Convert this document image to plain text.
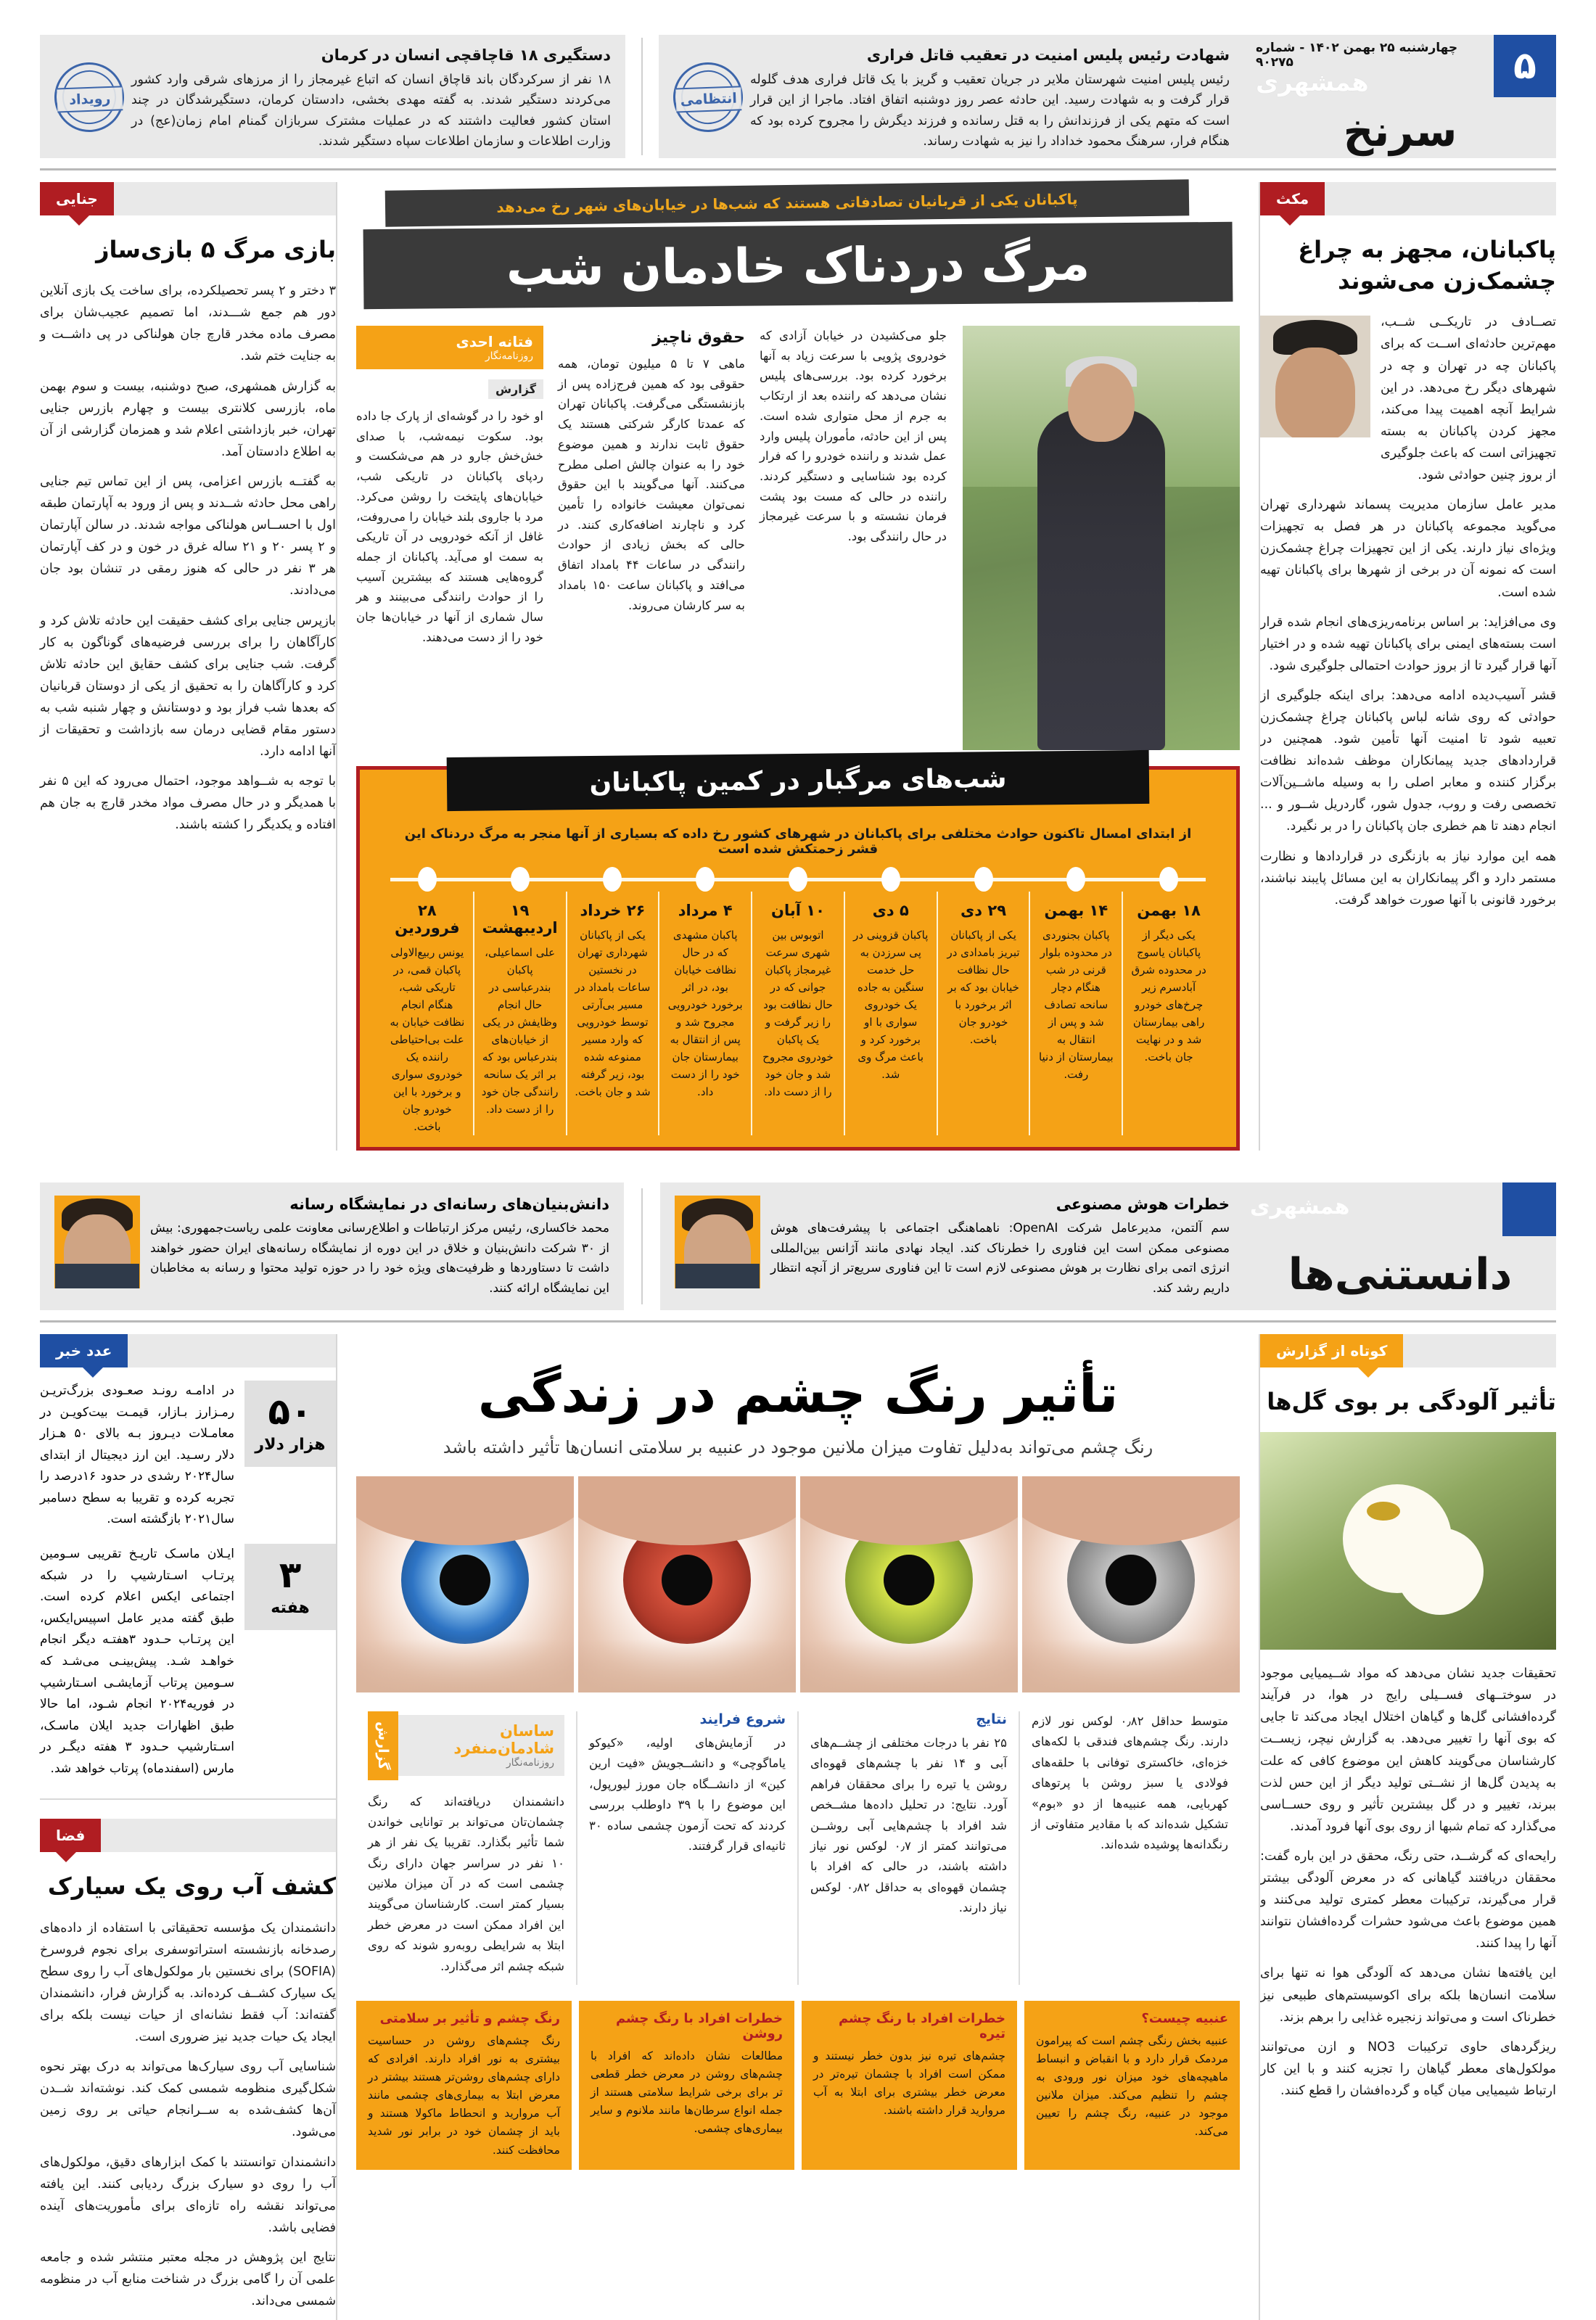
۵
چهارشنبه ۲۵ بهمن ۱۴۰۲ - شماره ۹۰۲۷۵
همشهری
سرنخ
شهادت رئیس پلیس امنیت در تعقیب قاتل فراری
رئیس پلیس امنیت شهرستان ملایر در جریان تعقیب و گریز با یک قاتل فراری هدف گلوله قرار گرفت و به شهادت رسید. این حادثه عصر روز دوشنبه اتفاق افتاد. ماجرا از این قرار است که متهم یکی از فرزندانش را به قتل رسانده و فرزند دیگرش را مجروح کرده بود که هنگام فرار، سرهنگ محمود خداداد را نیز به شهادت رساند.
انتظامی
دستگیری ۱۸ قاچاقچی انسان در کرمان
۱۸ نفر از سرکردگان باند قاچاق انسان که اتباع غیرمجاز را از مرزهای شرقی وارد کشور می‌کردند دستگیر شدند. به گفته مهدی بخشی، دادستان کرمان، دستگیرشدگان در چند استان کشور فعالیت داشتند که در عملیات مشترک سربازان گمنام امام زمان(عج) در وزارت اطلاعات و سازمان اطلاعات سپاه دستگیر شدند.
رویداد
مکث
پاکبانان، مجهز به چراغ چشمک‌زن می‌شوند

تصــادف در تاریکــی شــب، مهم‌ترین حادثه‌ای اســت که برای پاکبانان چه در تهران و چه در شهرهای دیگر رخ می‌دهد. در این شرایط آنچه اهمیت پیدا می‌کند، مجهز کردن پاکبانان به بسته تجهیزاتی است که باعث جلوگیری از بروز چنین حوادثی شود.

مدیر عامل سازمان مدیریت پسماند شهرداری تهران می‌گوید مجموعه پاکبانان در هر فصل به تجهیزات ویژه‌ای نیاز دارند. یکی از این تجهیزات چراغ چشمک‌زن است که نمونه آن در برخی از شهرها برای پاکبانان تهیه شده است.

وی می‌افزاید: بر اساس برنامه‌ریزی‌های انجام شده قرار است بسته‌های ایمنی برای پاکبانان تهیه شده و در اختیار آنها قرار گیرد تا از بروز حوادث احتمالی جلوگیری شود.

قشر آسیب‌دیده ادامه می‌دهد: برای اینکه جلوگیری از حوادثی که روی شانه لباس پاکبانان چراغ چشمک‌زن تعبیه شود تا امنیت آنها تأمین شود. همچنین در قراردادهای جدید پیمانکاران موظف شده‌اند نظافت برگزار کننده و معابر اصلی را به وسیله ماشــین‌آلات تخصصی رفت و روب، جدول شور، گاردریل شــور و ... انجام دهند تا هم خطری جان پاکبانان را در بر نگیرد.

همه این موارد نیاز به بازنگری در قراردادها و نظارت مستمر دارد و اگر پیمانکاران به این مسائل پایبند نباشند، برخورد قانونی با آنها صورت خواهد گرفت.

پاکبانان یکی از قربانیان تصادفاتی هستند که شب‌ها در خیابان‌های شهر رخ می‌دهد
مرگ دردناک خادمان شب

جلو می‌کشیدن در خیابان آزادی که خودروی پژویی با سرعت زیاد به آنها برخورد کرده بود. بررسی‌های پلیس نشان می‌دهد که راننده بعد از ارتکاب به جرم از محل متواری شده است. پس از این حادثه، مأموران پلیس وارد عمل شدند و راننده خودرو را که فرار کرده بود شناسایی و دستگیر کردند. راننده در حالی که مست بود پشت فرمان نشسته و با سرعت غیرمجاز در حال رانندگی بود.

حقوق ناچیز

ماهی ۷ تا ۵ میلیون تومان، همه حقوقی بود که همین فرج‌زاده پس از بازنشستگی می‌گرفت. پاکبانان تهران که عمدتا کارگر شرکتی هستند یک حقوق ثابت ندارند و همین موضوع خود را به عنوان چالش اصلی مطرح می‌کنند. آنها می‌گویند با این حقوق نمی‌توان معیشت خانواده را تأمین کرد و ناچارند اضافه‌کاری کنند. در حالی که بخش زیادی از حوادث رانندگی در ساعات ۴۴ بامداد اتفاق می‌افتد و پاکبانان ساعت ۱۵۰ بامداد به سر کارشان می‌روند.

فتانه احدی
روزنامه‌نگار
گزارش

او خود را در گوشه‌ای از پارک جا داده بود. سکوت نیمه‌شب، با صدای خش‌خش جارو در هم می‌شکست و ردپای پاکبانان در تاریکی شب، خیابان‌های پایتخت را روشن می‌کرد. مرد با جاروی بلند خیابان را می‌روفت، غافل از آنکه خودرویی در آن تاریکی به سمت او می‌آید. پاکبانان از جمله گروه‌هایی هستند که بیشترین آسیب را از حوادث رانندگی می‌بینند و هر سال شماری از آنها در خیابان‌ها جان خود را از دست می‌دهند.

شب‌های مرگبار در کمین پاکبانان
از ابتدای امسال تاکنون حوادث مختلفی برای پاکبانان در شهرهای کشور رخ داده که بسیاری از آنها منجر به مرگ دردناک این قشر زحمتکش شده است
۱۸ بهمن
یکی دیگر از پاکبانان یاسوج در محدوده شرق آبادسرم زیر چرخ‌های خودرو راهی بیمارستان شد و در نهایت جان باخت.
۱۴ بهمن
پاکبان بجنوردی در محدوده بلوار قرنی در شب هنگام دچار سانحه تصادف شد و پس از انتقال به بیمارستان از دنیا رفت.
۲۹ دی
یکی از پاکبانان تبریز بامدادی در حال نظافت خیابان بود که بر اثر برخورد با خودرو جان باخت.
۵ دی
پاکبان قزوینی در پی سرزدن به حل خدمت سنگین به جاده یک خودروی سواری با او برخورد کرد و باعث مرگ وی شد.
۱۰ آبان
اتوبوس بین شهری سرعت غیرمجاز پاکبان جوانی که در حال نظافت بود را زیر گرفت و یک پاکبان خودروی مجروح شد و جان خود را از دست داد.
۴ مرداد
پاکبان مشهدی که در حال نظافت خیابان بود، در اثر برخورد خودرویی مجروح شد و پس از انتقال به بیمارستان جان خود را از دست داد.
۲۶ خرداد
یکی از پاکبانان شهرداری تهران در نخستین ساعات بامداد در مسیر بی‌آرتی توسط خودرویی که وارد مسیر ممنوعه شده بود، زیر گرفته شد و جان باخت.
۱۹ اردیبهشت
علی اسماعیلی، پاکبان بندرعباسی در حال انجام وظایفش در یکی از خیابان‌های بندرعباس بود که بر اثر یک سانحه رانندگی جان خود را از دست داد.
۲۸ فروردین
یونس ربیع‌الاولی پاکبان قمی، در تاریکی شب، هنگام انجام نظافت خیابان به علت بی‌احتیاطی راننده یک خودروی سواری و برخورد با این خودرو جان باخت.
جنایی
بازی مرگ ۵ بازی‌ساز

۳ دختر و ۲ پسر تحصیلکرده، برای ساخت یک بازی آنلاین دور هم جمع شـــدند، اما تصمیم عجیب‌شان برای مصرف ماده مخدر قارچ جان هولناکی در پی داشــت و به جنایت ختم شد.

به گزارش همشهری، صبح دوشنبه، بیست و سوم بهمن ماه، بازرسی کلانتری بیست و چهارم بازرس جنایی تهران، خبر بازداشتی اعلام شد و همزمان گزارشی از آن به اطلاع دادستان آمد.

به گفتــه بازرس اعزامی، پس از این تماس تیم جنایی راهی محل حادثه شــدند و پس از ورود به آپارتمان طبقه اول با احســاس هولناکی مواجه شدند. در سالن آپارتمان و ۲ پسر ۲۰ و ۲۱ ساله غرق در خون و در کف آپارتمان هر ۳ نفر در حالی که هنوز رمقی در تنشان بود جان می‌دادند.

بازپرس جنایی برای کشف حقیقت این حادثه تلاش کرد و کارآگاهان را برای بررسی فرضیه‌های گوناگون به کار گرفت. شب جنایی برای کشف حقایق این حادثه تلاش کرد و کارآگاهان را به تحقیق از یکی از دوستان قربانیان که بعدها شب فراز بود و دوستانش و چهار شنبه شب به دستور مقام قضایی درمان سه بازداشت و تحقیقات از آنها ادامه دارد.

با توجه به شــواهد موجود، احتمال می‌رود که این ۵ نفر با همدیگر و در حال مصرف مواد مخدر قارچ به جان هم افتاده و یکدیگر را کشته باشند.

همشهری
دانستنی‌ها
خطرات هوش مصنوعی
سم آلتمن، مدیرعامل شرکت OpenAI: ناهماهنگی اجتماعی با پیشرفت‌های هوش مصنوعی ممکن است این فناوری را خطرناک کند. ایجاد نهادی مانند آژانس بین‌المللی انرژی اتمی برای نظارت بر هوش مصنوعی لازم است تا این فناوری سریع‌تر از آنچه انتظار داریم رشد کند.
دانش‌بنیان‌های رسانه‌ای در نمایشگاه رسانه
محمد خاکساری، رئیس مرکز ارتباطات و اطلاع‌رسانی معاونت علمی ریاست‌جمهوری: بیش از ۳۰ شرکت دانش‌بنیان و خلاق در این دوره از نمایشگاه رسانه‌های ایران حضور خواهند داشت تا دستاوردها و ظرفیت‌های ویژه خود را در حوزه تولید محتوا و رسانه به مخاطبان این نمایشگاه ارائه کنند.
کوتاه از گزارش
تأثیر آلودگی بر بوی گل‌ها

تحقیقات جدید نشان می‌دهد که مواد شــیمیایی موجود در سوختــهای فســیلی رایج در هوا، در فرآیند گرده‌افشانی گل‌ها و گیاهان اختلال ایجاد می‌کند تا جایی که بوی آنها را تغییر می‌دهد. به گزارش نیچر، زیســت کارشناسان می‌گویند کاهش این موضوع کافی که علت به پدیدن گل‌ها از نشــتی تولید دیگر از این حس لذت ببرند، تغییر و در گل بیشترین تأثیر و روی حســاسی می‌گذارد که تمام شبها از روی بوی آنها فرود آمدند.

رایحه‌ای که گرشــد، حتی رنگ، محقق در این باره گفت: محققان دریافتند گیاهانی که در معرض آلودگی بیشتر قرار می‌گیرند، ترکیبات معطر کمتری تولید می‌کنند و همین موضوع باعث می‌شود حشرات گرده‌افشان نتوانند آنها را پیدا کنند.

این یافته‌ها نشان می‌دهد که آلودگی هوا نه تنها برای سلامت انسان‌ها بلکه برای اکوسیستم‌های طبیعی نیز خطرناک است و می‌تواند زنجیره غذایی را برهم بزند.

ریزگردهای حاوی ترکیبات NO3 و ازن می‌توانند مولکول‌های معطر گیاهان را تجزیه کنند و با این کار ارتباط شیمیایی میان گیاه و گرده‌افشان را قطع کنند.

تأثیر رنگ چشم در زندگی
رنگ چشم می‌تواند به‌دلیل تفاوت میزان ملانین موجود در عنبیه بر سلامتی انسان‌ها تأثیر داشته باشد

متوسط حداقل ۰٫۸۲ لوکس نور لازم دارند. رنگ چشم‌های فندقی با لکه‌های خزه‌ای، خاکستری توفانی با حلقه‌های فولادی یا سبز روشن با پرتوهای کهربایی، همه عنبیه‌ها از دو «بوم» تشکیل شده‌اند که با مقادیر متفاوتی از رنگدانه‌ها پوشیده شده‌اند.

نتایج

۲۵ نفر با درجات مختلفی از چشــم‌های آبی و ۱۴ نفر با چشم‌های قهوه‌ای روشن یا تیره را برای محققان فراهم آورد. نتایج: در تحلیل داده‌ها مشــخص شد افراد با چشم‌هایی آبی روشــن می‌توانند کمتر از ۰٫۷ لوکس نور نیاز داشته باشند، در حالی که افراد با چشمان قهوه‌ای به حداقل ۰٫۸۲ لوکس نیاز دارند.

شروع فرایند

در آزمایش‌های اولیه، «کیوکو یاماگوچی» و دانشــجویش «فیت ارین کین» از دانشــگاه جان مورز لیورپول، این موضوع را با ۳۹ داوطلب بررسی کردند که تحت آزمون چشمی ساده ۳۰ ثانیه‌ای قرار گرفتند.

ساسان شادمان‌منفرد
روزنامه‌نگار
گزارش

دانشمندان دریافته‌اند که رنگ چشمان‌تان می‌تواند بر توانایی خواندن شما تأثیر بگذارد. تقریبا یک نفر از هر ۱۰ نفر در سراسر جهان دارای رنگ چشمی است که در آن میزان ملانین بسیار کمتر است. کارشناسان می‌گویند این افراد ممکن است در معرض خطر ابتلا به شرایطی روبه‌رو شوند که روی شبکه چشم اثر می‌گذارد.

عنبیه چیست؟

عنبیه بخش رنگی چشم است که پیرامون مردمک قرار دارد و با انقباض و انبساط ماهیچه‌های خود میزان نور ورودی به چشم را تنظیم می‌کند. میزان ملانین موجود در عنبیه، رنگ چشم را تعیین می‌کند.

خطرات افراد با رنگ چشم تیره

چشم‌های تیره نیز بدون خطر نیستند و ممکن است افراد با چشمان تیره‌تر در معرض خطر بیشتری برای ابتلا به آب مروارید قرار داشته باشند.

خطرات افراد با رنگ چشم روشن

مطالعات نشان داده‌اند که افراد با چشم‌های روشن در معرض خطر قطعی تر برای برخی شرایط سلامتی هستند از جمله انواع سرطان‌ها مانند ملانوم و سایر بیماری‌های چشمی.

رنگ چشم و تأثیر بر سلامتی

رنگ چشم‌های روشن در حساسیت بیشتری به نور افراد دارند. افرادی که دارای چشم‌های روشن‌تر هستند بیشتر در معرض ابتلا به بیماری‌های چشمی مانند آب مروارید و انحطاط ماکولا هستند و باید از چشمان خود در برابر نور شدید محافظت کنند.

عدد خبر
۵۰
هزار دلار
در ادامـه رونـد صعـودی بزرگ‌تریـن رمـزارز بـازار، قیمـت بیت‌کویـن در معامـلات دیـروز بـه بالای ۵۰ هـزار دلار رسـید. این ارز دیجیتال از ابتدای سال۲۰۲۴ رشدی در حدود ۱۶درصد را تجربه کرده و تقریبا به سطح دسامبر سال۲۰۲۱ بازگشته است.
۳
هفته
ایـلان ماسـک تاریـخ تقریبی سـومین پرتـاب اسـتارشیپ را در شبکه اجتماعی ایکس اعلام کرده است. طبق گفته مدیر عامل اسپیس‌ایکس، این پرتـاب حـدود ۳هفتـه دیگر انجام خواهـد شـد. پیش‌بینـی می‌شـد که سـومین پرتاب آزمایشـی اسـتارشیپ در فوریه۲۰۲۴ انجام شـود، اما حالا طبق اظهارات جدید ایلان ماسـک، اسـتارشیپ حـدود ۳ هفته دیگـر در مارس (اسفندماه) پرتاب خواهد شد.
فضا
کشف آب روی یک سیارک

دانشمندان یک مؤسسه تحقیقاتی با استفاده از داده‌های رصدخانه بازنشسته استراتوسفری برای نجوم فروسرخ (SOFIA) برای نخستین بار مولکول‌های آب را روی سطح یک سیارک کشــف کرده‌اند. به گزارش فرار، دانشمندان گفته‌اند: آب فقط نشانه‌ای از حیات نیست بلکه برای ایجاد یک حیات جدید نیز ضروری است.

شناسایی آب روی سیارک‌ها می‌تواند به درک بهتر نحوه شکل‌گیری منظومه شمسی کمک کند. نوشته‌اند شــدن آن‌ها کشف‌شده به ســرانجام حیاتی بر روی زمین می‌شود.

دانشمندان توانستند با کمک ابزارهای دقیق، مولکول‌های آب را روی دو سیارک بزرگ ردیابی کنند. این یافته می‌تواند نقشه راه تازه‌ای برای مأموریت‌های آینده فضایی باشد.

نتایج این پژوهش در مجله معتبر منتشر شده و جامعه علمی آن را گامی بزرگ در شناخت منابع آب در منظومه شمسی می‌داند.
